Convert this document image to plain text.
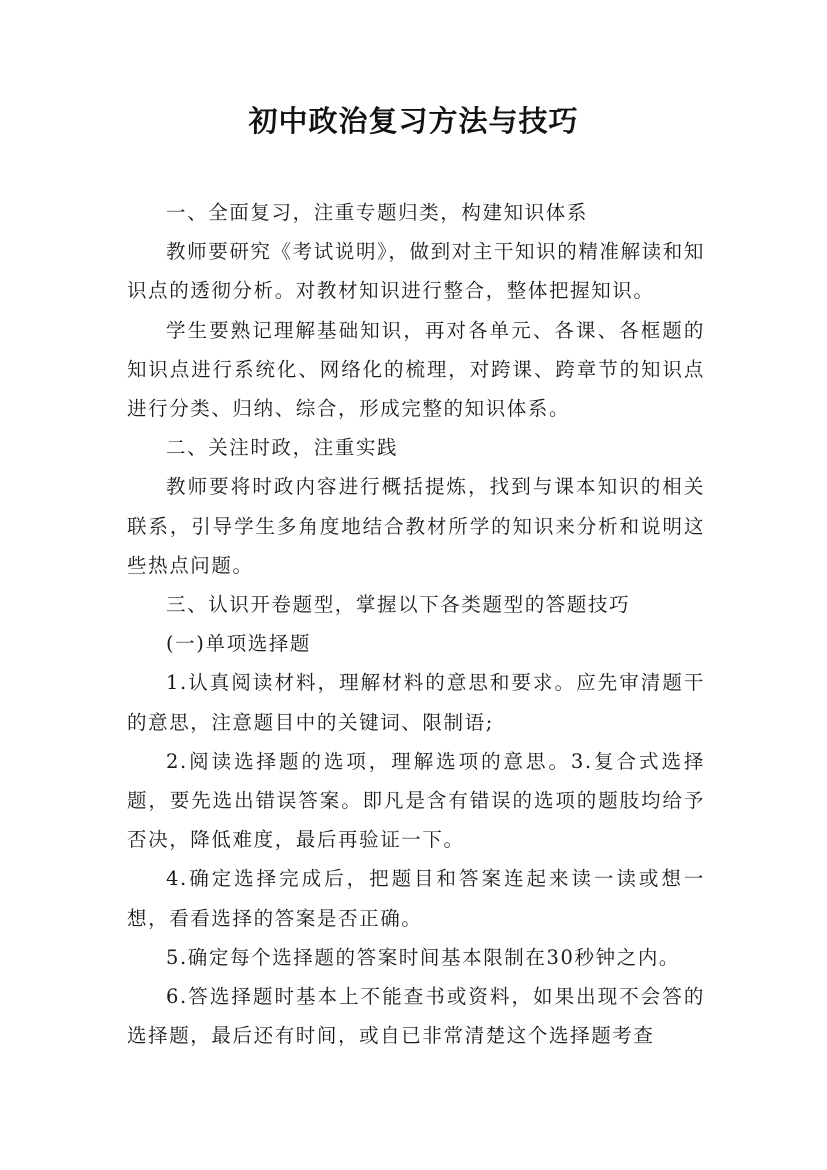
初中政治复习方法与技巧

一、全面复习，注重专题归类，构建知识体系

教师要研究《考试说明》，做到对主干知识的精准解读和知识点的透彻分析。对教材知识进行整合，整体把握知识。

学生要熟记理解基础知识，再对各单元、各课、各框题的知识点进行系统化、网络化的梳理，对跨课、跨章节的知识点进行分类、归纳、综合，形成完整的知识体系。

二、关注时政，注重实践

教师要将时政内容进行概括提炼，找到与课本知识的相关联系，引导学生多角度地结合教材所学的知识来分析和说明这些热点问题。

三、认识开卷题型，掌握以下各类题型的答题技巧

(一)单项选择题

1.认真阅读材料，理解材料的意思和要求。应先审清题干的意思，注意题目中的关键词、限制语;

2.阅读选择题的选项，理解选项的意思。3.复合式选择题，要先选出错误答案。即凡是含有错误的选项的题肢均给予否决，降低难度，最后再验证一下。

4.确定选择完成后，把题目和答案连起来读一读或想一想，看看选择的答案是否正确。

5.确定每个选择题的答案时间基本限制在30秒钟之内。

6.答选择题时基本上不能查书或资料，如果出现不会答的选择题，最后还有时间，或自已非常清楚这个选择题考查
